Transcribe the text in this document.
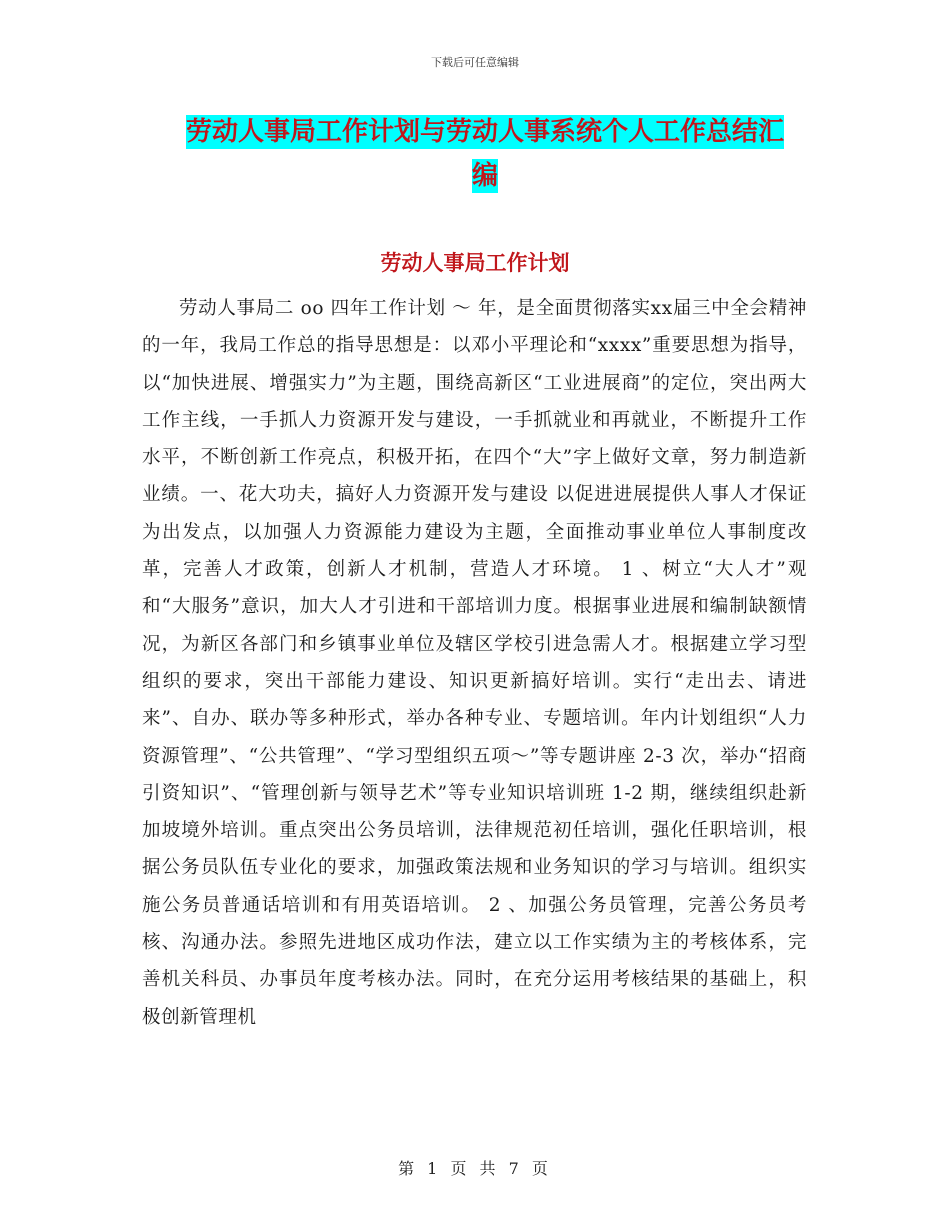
下载后可任意编辑
劳动人事局工作计划与劳动人事系统个人工作总结汇
编
劳动人事局工作计划

劳动人事局二 oo 四年工作计划 ～ 年，是全面贯彻落实xx届三中全会精神的一年，我局工作总的指导思想是：以邓小平理论和“xxxx”重要思想为指导，以“加快进展、增强实力”为主题，围绕高新区“工业进展商”的定位，突出两大工作主线，一手抓人力资源开发与建设，一手抓就业和再就业，不断提升工作水平，不断创新工作亮点，积极开拓，在四个“大”字上做好文章，努力制造新业绩。一、花大功夫，搞好人力资源开发与建设 以促进进展提供人事人才保证为出发点，以加强人力资源能力建设为主题，全面推动事业单位人事制度改革，完善人才政策，创新人才机制，营造人才环境。 1 、树立“大人才”观和“大服务”意识，加大人才引进和干部培训力度。根据事业进展和编制缺额情况，为新区各部门和乡镇事业单位及辖区学校引进急需人才。根据建立学习型组织的要求，突出干部能力建设、知识更新搞好培训。实行“走出去、请进来”、自办、联办等多种形式，举办各种专业、专题培训。年内计划组织“人力资源管理”、“公共管理”、“学习型组织五项～”等专题讲座 2-3 次，举办“招商引资知识”、“管理创新与领导艺术”等专业知识培训班 1-2 期，继续组织赴新加坡境外培训。重点突出公务员培训，法律规范初任培训，强化任职培训，根据公务员队伍专业化的要求，加强政策法规和业务知识的学习与培训。组织实施公务员普通话培训和有用英语培训。 2 、加强公务员管理，完善公务员考核、沟通办法。参照先进地区成功作法，建立以工作实绩为主的考核体系，完善机关科员、办事员年度考核办法。同时，在充分运用考核结果的基础上，积极创新管理机

第 1 页 共 7 页
